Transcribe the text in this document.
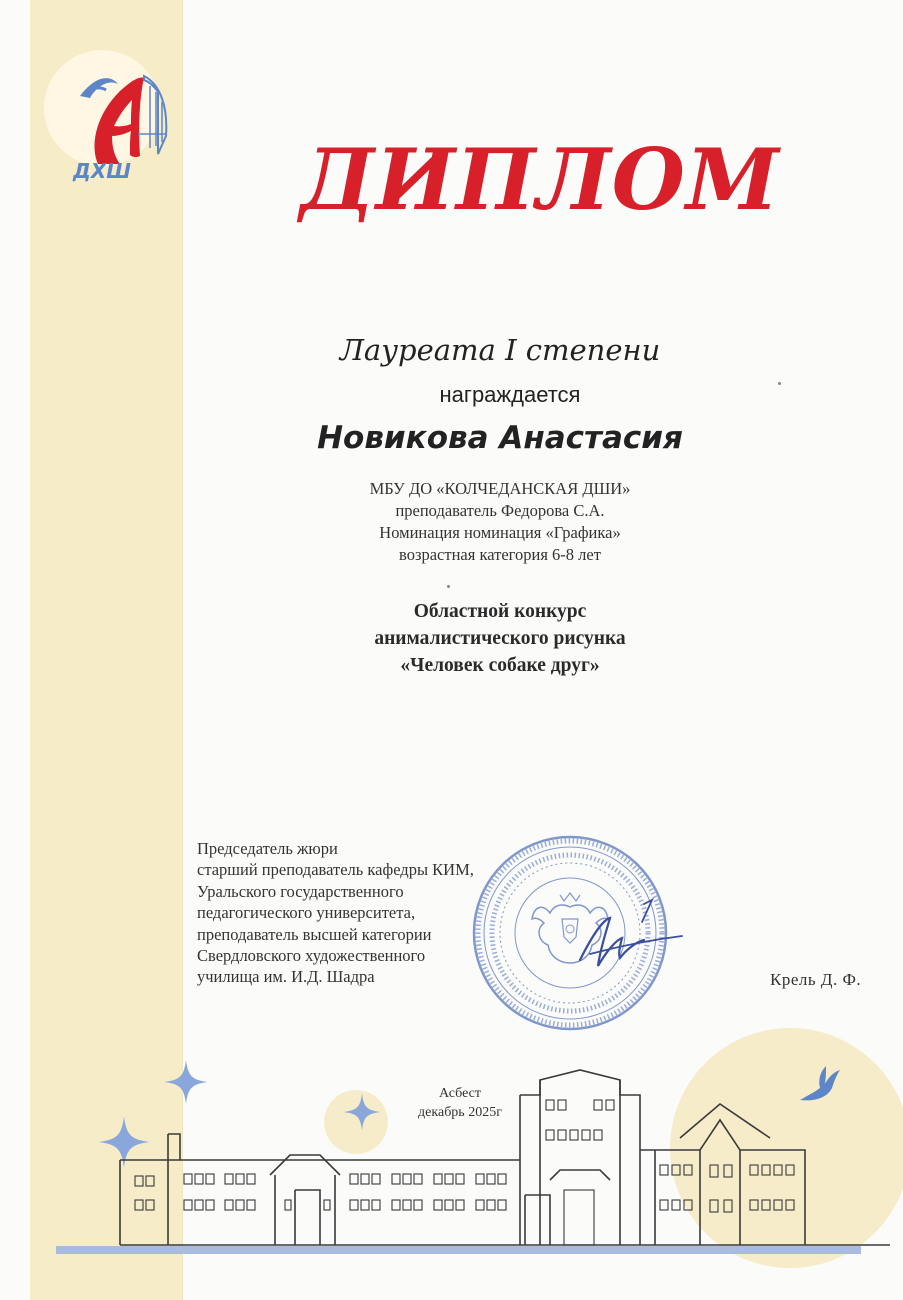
ДХШ ДИПЛОМ
Лауреата I степени
награждается
Новикова Анастасия
МБУ ДО «КОЛЧЕДАНСКАЯ ДШИ»
преподаватель Федорова С.А.
Номинация номинация «Графика»
возрастная категория 6-8 лет
Областной конкурс
анималистического рисунка
«Человек собаке друг»
Председатель жюри
старший преподаватель кафедры КИМ,
Уральского государственного
педагогического университета,
преподаватель высшей категории
Свердловского художественного
училища им. И.Д. Шадра	Крель Д. Ф.
Асбест
декабрь 2025г
